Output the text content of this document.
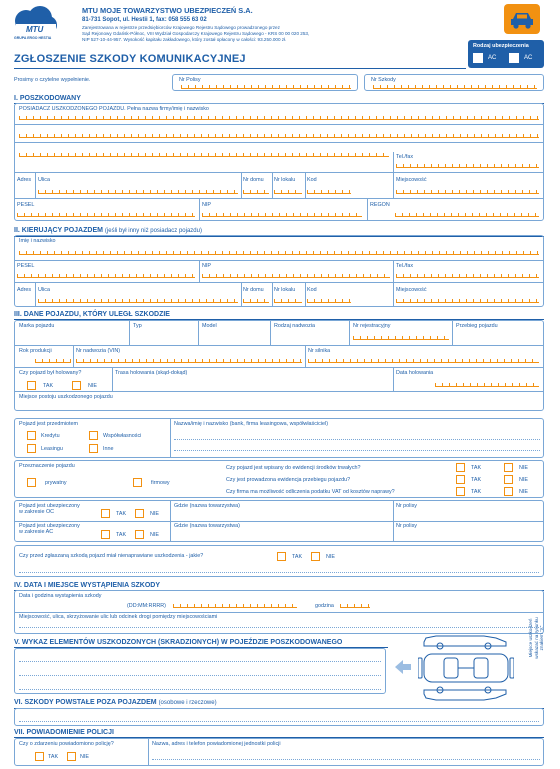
MTU
GRUPA ERGO HESTIA
MTU MOJE TOWARZYSTWO UBEZPIECZEŃ S.A.
81-731 Sopot, ul. Hestii 1, fax: 058 555 63 02
Zarejestrowana w rejestrze przedsiębiorców Krajowego Rejestru Sądowego prowadzonego przez
Sąd Rejonowy Gdańsk-Północ, VIII Wydział Gospodarczy Krajowego Rejestru Sądowego - KRS 00 00 020 253,
NIP 527-10-44-957. Wysokość kapitału zakładowego, który został opłacony w całości: 93.250.000 zł.
Rodzaj ubezpieczenia
AC	AC
ZGŁOSZENIE SZKODY KOMUNIKACYJNEJ
Prosimy o czytelne wypełnienie.	Nr Polisy	Nr Szkody
I. POSZKODOWANY
POSIADACZ USZKODZONEGO POJAZDU. Pełna nazwa firmy/imię i nazwisko
Tel./fax
Adres Ulica	Nr domu Nr lokalu Kod	Miejscowość
PESEL	NIP	REGON
II. KIERUJĄCY POJAZDEM (jeśli był inny niż posiadacz pojazdu)
Imię i nazwisko
PESEL	NIP	Tel./fax
Adres Ulica	Nr domu Nr lokalu Kod	Miejscowość
III. DANE POJAZDU, KTÓRY ULEGŁ SZKODZIE
Marka pojazdu	Typ	Model	Rodzaj nadwozia	Nr rejestracyjny	Przebieg pojazdu
Rok produkcji	Nr nadwozia (VIN)	Nr silnika
Czy pojazd był holowany?
TAK	NIE
Trasa holowania (skąd-dokąd)	Data holowania
Miejsce postoju uszkodzonego pojazdu
Pojazd jest przedmiotem
Kredytu	Współwłasności
Leasingu	Inne
Nazwa/imię i nazwisko (bank, firma leasingowa, współwłaściciel)
Przeznaczenie pojazdu
prywatny	firmowy
Czy pojazd jest wpisany do ewidencji środków trwałych?
Czy jest prowadzona ewidencja przebiegu pojazdu?
Czy firma ma możliwość odliczenia podatku VAT od kosztów naprawy?
TAK	NIE
TAK	NIE
TAK	NIE
Pojazd jest ubezpieczony
w zakresie OC	TAK	NIE
Gdzie (nazwa towarzystwa)	Nr polisy
Pojazd jest ubezpieczony
w zakresie AC	TAK	NIE
Gdzie (nazwa towarzystwa)	Nr polisy
Czy przed zgłaszaną szkodą pojazd miał nienaprawiane uszkodzenia - jakie?	TAK	NIE
IV. DATA I MIEJSCE WYSTĄPIENIA SZKODY
Data i godzina wystąpienia szkody
(DD:MM:RRRR)	godzina
Miejscowość, ulica, skrzyżowanie ulic lub odcinek drogi pomiędzy miejscowościami
V. WYKAZ ELEMENTÓW USZKODZONYCH (SKRADZIONYCH) W POJEŹDZIE POSZKODOWANEGO	Miejsce uszkodzeń wskazać na rysunku znakiem "X"
VI. SZKODY POWSTAŁE POZA POJAZDEM (osobowe i rzeczowe)
VII. POWIADOMIENIE POLICJI
Czy o zdarzeniu powiadomiono policję?
TAK	NIE
Nazwa, adres i telefon powiadomionej jednostki policji
